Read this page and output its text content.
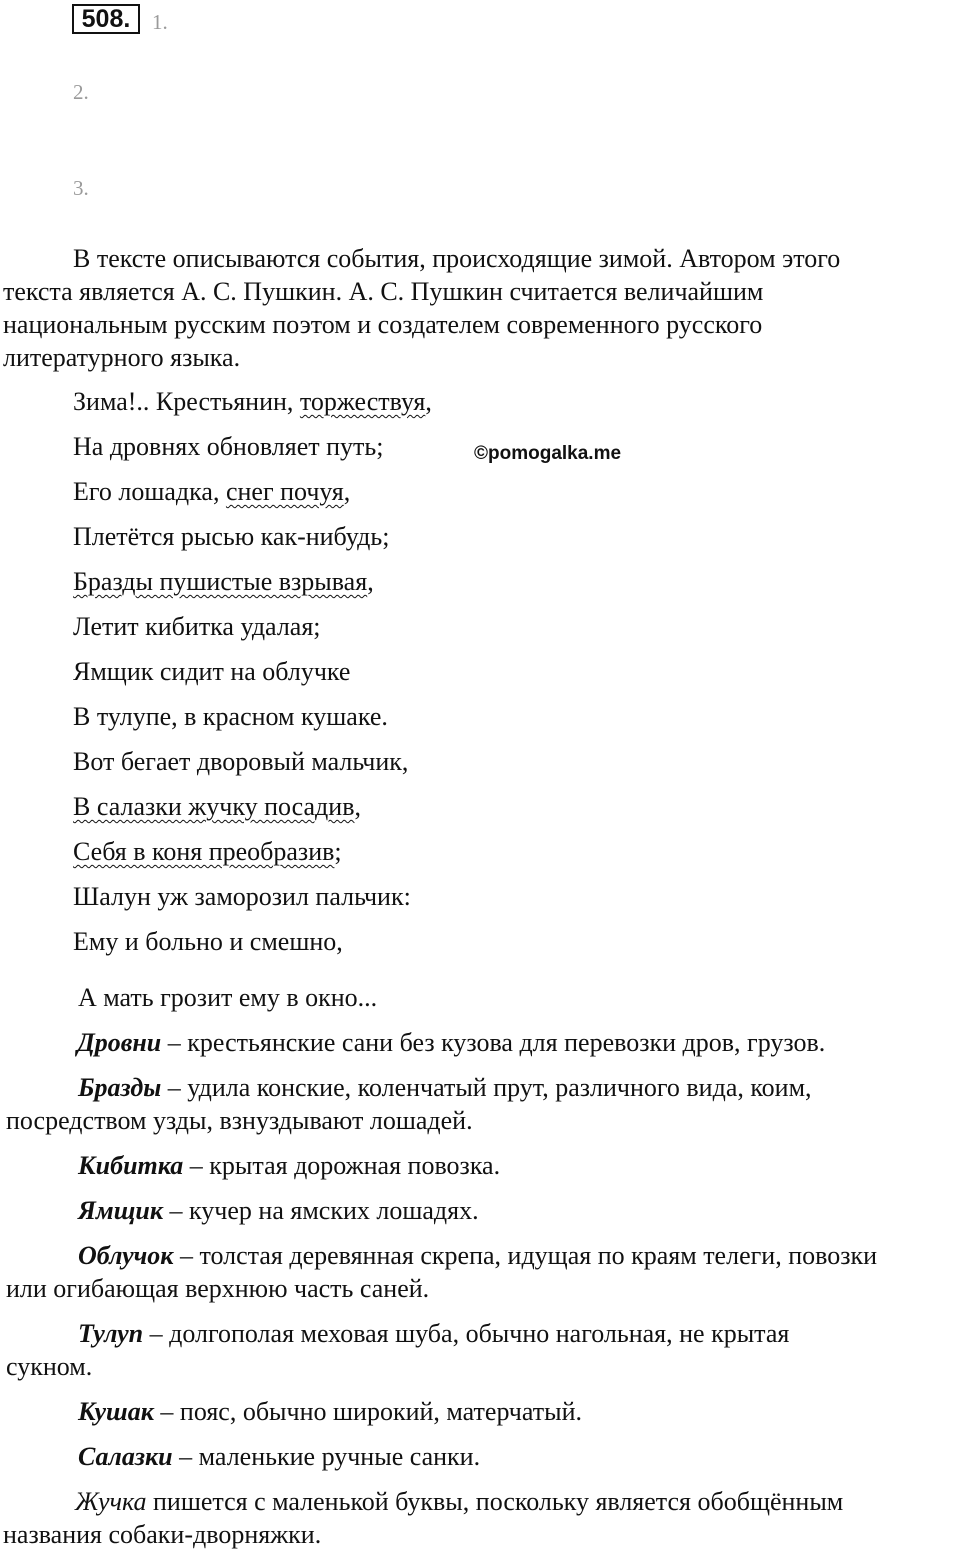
508.	1.
2.
3.
В тексте описываются события, происходящие зимой. Автором этого
текста является А. С. Пушкин. А. С. Пушкин считается величайшим
национальным русским поэтом и создателем современного русского
литературного языка.
Зима!.. Крестьянин, торжествуя,
На дровнях обновляет путь;
Его лошадка, снег почуя,
Плетётся рысью как-нибудь;
Бразды пушистые взрывая,
Летит кибитка удалая;
Ямщик сидит на облучке
В тулупе, в красном кушаке.
Вот бегает дворовый мальчик,
В салазки жучку посадив,
Себя в коня преобразив;
Шалун уж заморозил пальчик:
Ему и больно и смешно,
А мать грозит ему в окно...
©pomogalka.me
Дровни – крестьянские сани без кузова для перевозки дров, грузов.
Бразды – удила конские, коленчатый прут, различного вида, коим,
посредством узды, взнуздывают лошадей.
Кибитка – крытая дорожная повозка.
Ямщик – кучер на ямских лошадях.
Облучок – толстая деревянная скрепа, идущая по краям телеги, повозки
или огибающая верхнюю часть саней.
Тулуп – долгополая меховая шуба, обычно нагольная, не крытая
сукном.
Кушак – пояс, обычно широкий, матерчатый.
Салазки – маленькие ручные санки.
Жучка пишется с маленькой буквы, поскольку является обобщённым
названия собаки-дворняжки.
